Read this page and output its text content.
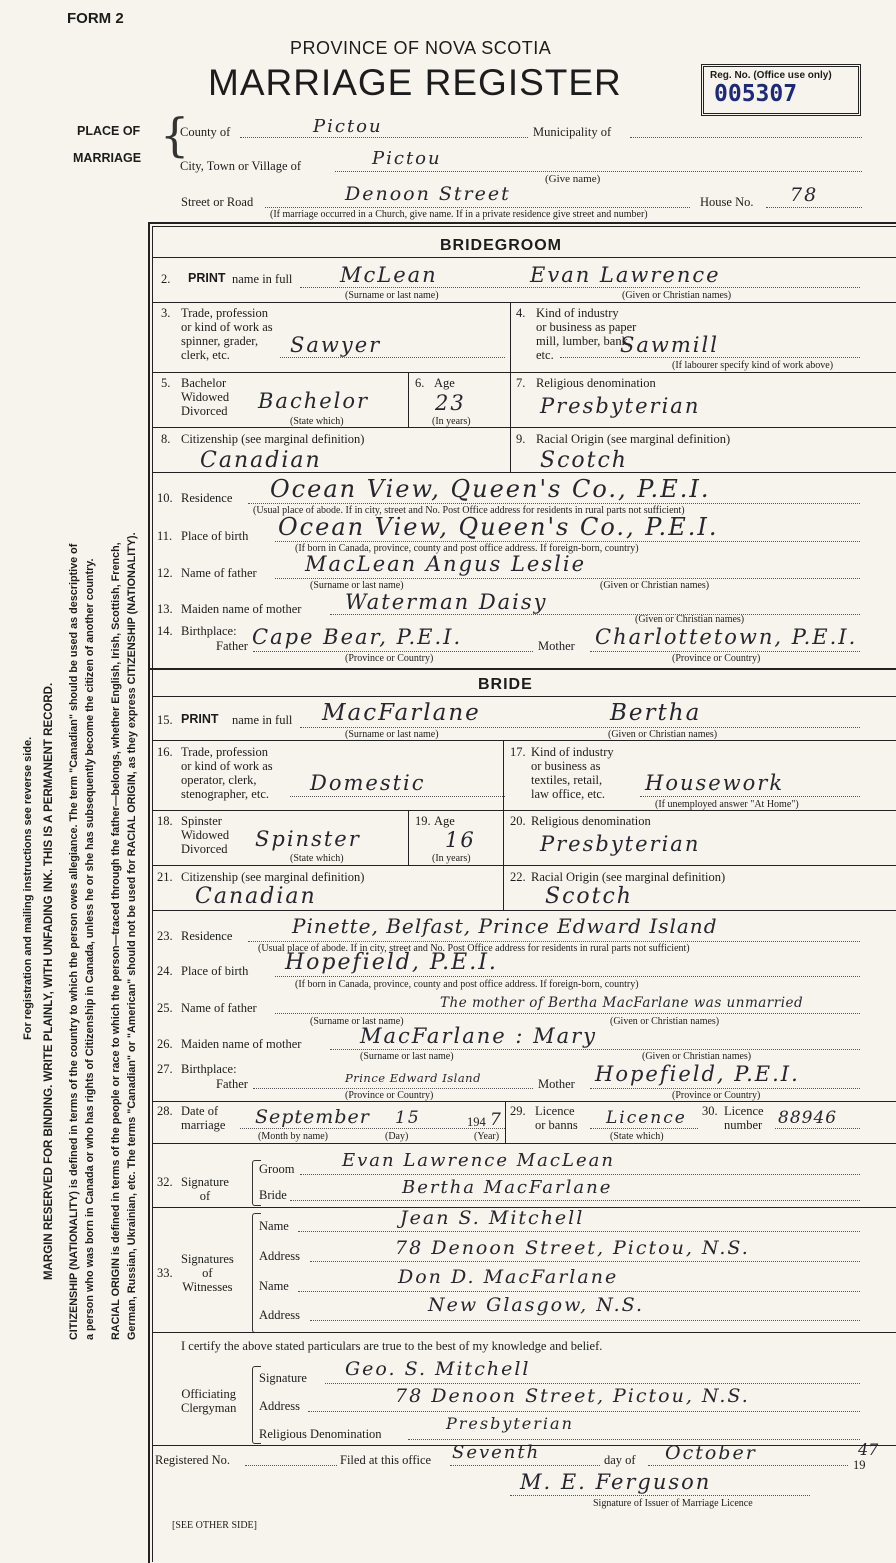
FORM 2
PROVINCE OF NOVA SCOTIA
MARRIAGE REGISTER	Reg. No. (Office use only)
005307
PLACE OF
MARRIAGE {
County of	Pictou	Municipality of
City, Town or Village of	Pictou
(Give name)
Street or Road	Denoon Street	House No. 78
(If marriage occurred in a Church, give name. If in a private residence give street and number)
For registration and mailing instructions see reverse side. MARGIN RESERVED FOR BINDING. WRITE PLAINLY, WITH UNFADING INK. THIS IS A PERMANENT RECORD. CITIZENSHIP (NATIONALITY) is defined in terms of the country to which the person owes allegiance. The term "Canadian" should be used as descriptive of a person who was born in Canada or who has rights of Citizenship in Canada, unless he or she has subsequently become the citizen of another country. RACIAL ORIGIN is defined in terms of the people or race to which the person—traced through the father—belongs, whether English, Irish, Scottish, French, German, Russian, Ukrainian, etc. The terms "Canadian" or "American" should not be used for RACIAL ORIGIN, as they express CITIZENSHIP (NATIONALITY).
BRIDEGROOM
2. PRINT name in full McLean	Evan Lawrence
(Surname or last name)	(Given or Christian names)
3. Trade, profession
or kind of work as
spinner, grader,
clerk, etc.	Sawyer
4. Kind of industry
or business as paper
mill, lumber, bank,
etc.	Sawmill
(If labourer specify kind of work above)
5. Bachelor
Widowed
Divorced Bachelor
(State which)
6. Age
23
(In years)
7. Religious denomination
Presbyterian
8. Citizenship (see marginal definition)
Canadian
9. Racial Origin (see marginal definition)
Scotch
10. Residence Ocean View, Queen's Co., P.E.I.
(Usual place of abode. If in city, street and No. Post Office address for residents in rural parts not sufficient)
11. Place of birth Ocean View, Queen's Co., P.E.I.
(If born in Canada, province, county and post office address. If foreign-born, country)
12. Name of father MacLean Angus Leslie
(Surname or last name)	(Given or Christian names)
13. Maiden name of mother Waterman Daisy
(Given or Christian names)
14. Birthplace:
Father Cape Bear, P.E.I.
(Province or Country)
Mother Charlottetown, P.E.I.
(Province or Country)
BRIDE
15. PRINT name in full MacFarlane	Bertha
(Surname or last name)	(Given or Christian names)
16. Trade, profession
or kind of work as
operator, clerk,
stenographer, etc. Domestic
17. Kind of industry
or business as
textiles, retail,
law office, etc.	Housework
(If unemployed answer "At Home")
18. Spinster
Widowed
Divorced Spinster
(State which)
19. Age
16
(In years)
20. Religious denomination
Presbyterian
21. Citizenship (see marginal definition)
Canadian
22. Racial Origin (see marginal definition)
Scotch
23. Residence	Pinette, Belfast, Prince Edward Island
(Usual place of abode. If in city, street and No. Post Office address for residents in rural parts not sufficient)
24. Place of birth Hopefield, P.E.I.
(If born in Canada, province, county and post office address. If foreign-born, country)
25. Name of father	The mother of Bertha MacFarlane was unmarried
(Surname or last name)	(Given or Christian names)
26. Maiden name of mother	MacFarlane : Mary
(Surname or last name)	(Given or Christian names)
27. Birthplace:
Father	Prince Edward Island
(Province or Country)
Mother Hopefield, P.E.I.
(Province or Country)
28. Date of
marriage September 15	194 7
(Month by name)	(Day)	(Year)
29. Licence
or banns Licence
(State which)
30. Licence
number 88946
32. Signature
of
Groom	Evan Lawrence MacLean
Bride	Bertha MacFarlane
33.
Signatures
of
Witnesses
Name	Jean S. Mitchell
Address	78 Denoon Street, Pictou, N.S.
Name	Don D. MacFarlane
Address	New Glasgow, N.S.
I certify the above stated particulars are true to the best of my knowledge and belief.
Officiating
Clergyman
Signature Geo. S. Mitchell
Address	78 Denoon Street, Pictou, N.S.
Religious Denomination
Presbyterian
Registered No.	Filed at this office Seventh	day of October
19
47
M. E. Ferguson
Signature of Issuer of Marriage Licence
[SEE OTHER SIDE]
